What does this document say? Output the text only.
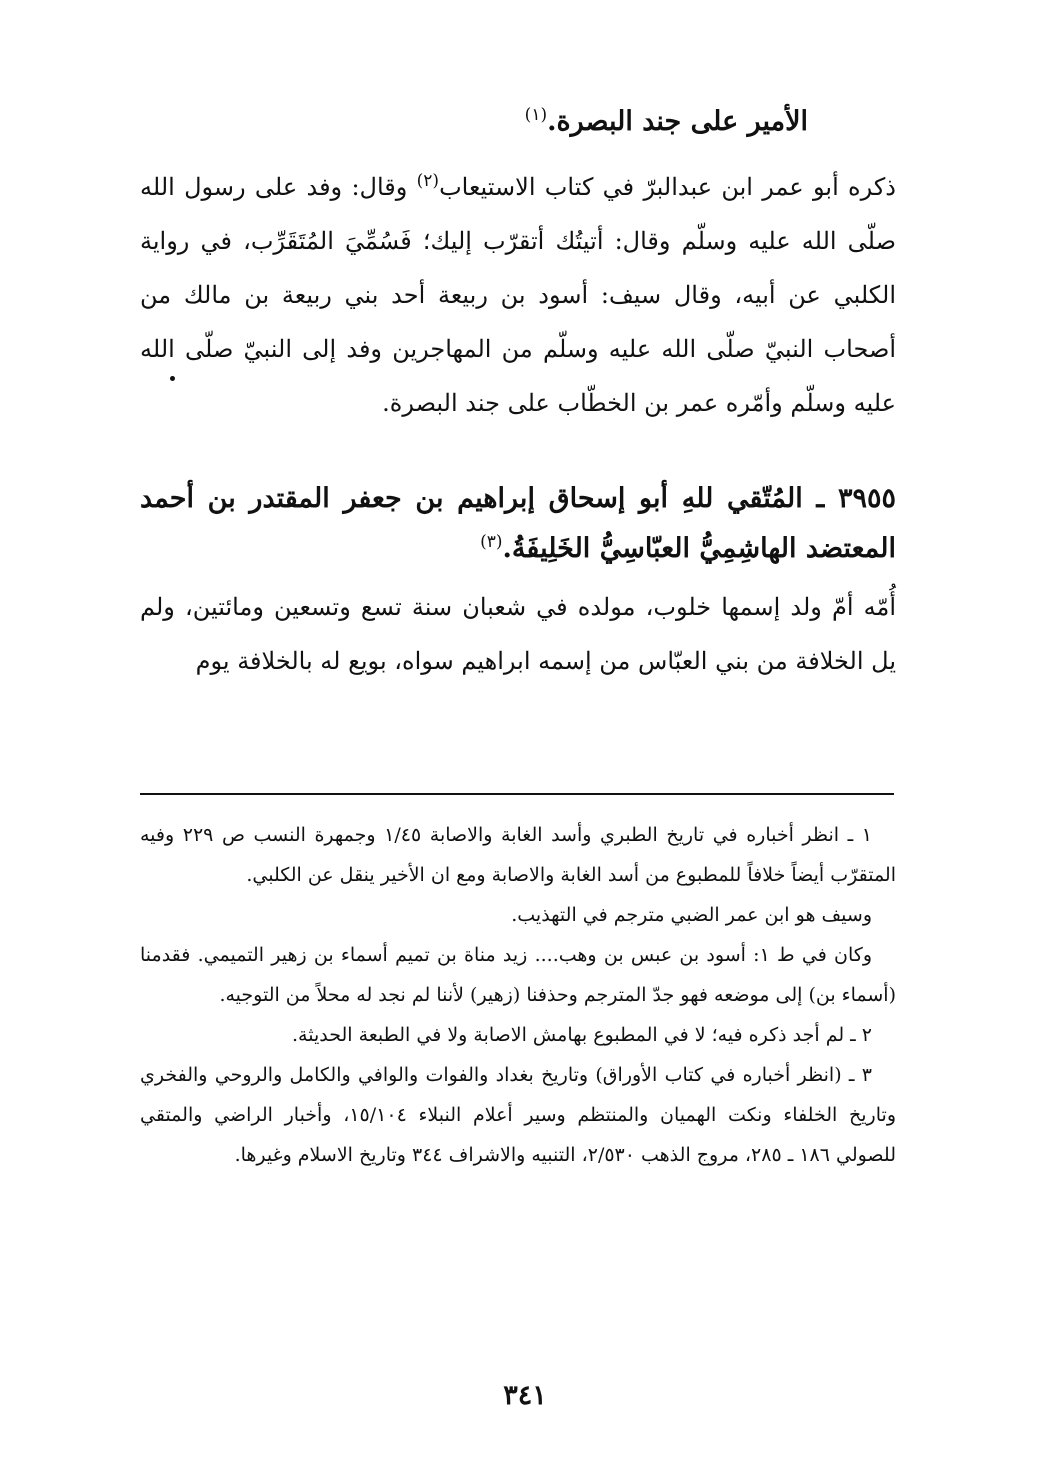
الأمير على جند البصرة.$^{(١)}$

ذكره أبو عمر ابن عبدالبرّ في كتاب الاستيعاب$^{(٢)}$ وقال: وفد على رسول الله صلّى الله عليه وسلّم وقال: أتيتُك أتقرّب إليك؛ فَسُمِّيَ المُتَقَرِّب، في رواية الكلبي عن أبيه، وقال سيف: أسود بن ربيعة أحد بني ربيعة بن مالك من أصحاب النبيّ صلّى الله عليه وسلّم من المهاجرين وفد إلى النبيّ صلّى الله عليه وسلّم وأمّره عمر بن الخطّاب على جند البصرة.

٣٩٥٥ ـ المُتّقي للهِ أبو إسحاق إبراهيم بن جعفر المقتدر بن أحمد المعتضد الهاشِمِيُّ العبّاسِيُّ الخَلِيفَةُ.$^{(٣)}$

أُمّه أمّ ولد إسمها خلوب، مولده في شعبان سنة تسع وتسعين ومائتين، ولم يل الخلافة من بني العبّاس من إسمه ابراهيم سواه، بويع له بالخلافة يوم

١ ـ انظر أخباره في تاريخ الطبري وأسد الغابة والاصابة ١/٤٥ وجمهرة النسب ص ٢٢٩ وفيه المتقرّب أيضاً خلافاً للمطبوع من أسد الغابة والاصابة ومع ان الأخير ينقل عن الكلبي.

وسيف هو ابن عمر الضبي مترجم في التهذيب.

وكان في ط ١: أسود بن عبس بن وهب.... زيد مناة بن تميم أسماء بن زهير التميمي. فقدمنا (أسماء بن) إلى موضعه فهو جدّ المترجم وحذفنا (زهير) لأننا لم نجد له محلاً من التوجيه.

٢ ـ لم أجد ذكره فيه؛ لا في المطبوع بهامش الاصابة ولا في الطبعة الحديثة.

٣ ـ (انظر أخباره في كتاب الأوراق) وتاريخ بغداد والفوات والوافي والكامل والروحي والفخري وتاريخ الخلفاء ونكت الهميان والمنتظم وسير أعلام النبلاء ١٥/١٠٤، وأخبار الراضي والمتقي للصولي ١٨٦ ـ ٢٨٥، مروج الذهب ٢/٥٣٠، التنبيه والاشراف ٣٤٤ وتاريخ الاسلام وغيرها.

٣٤١
